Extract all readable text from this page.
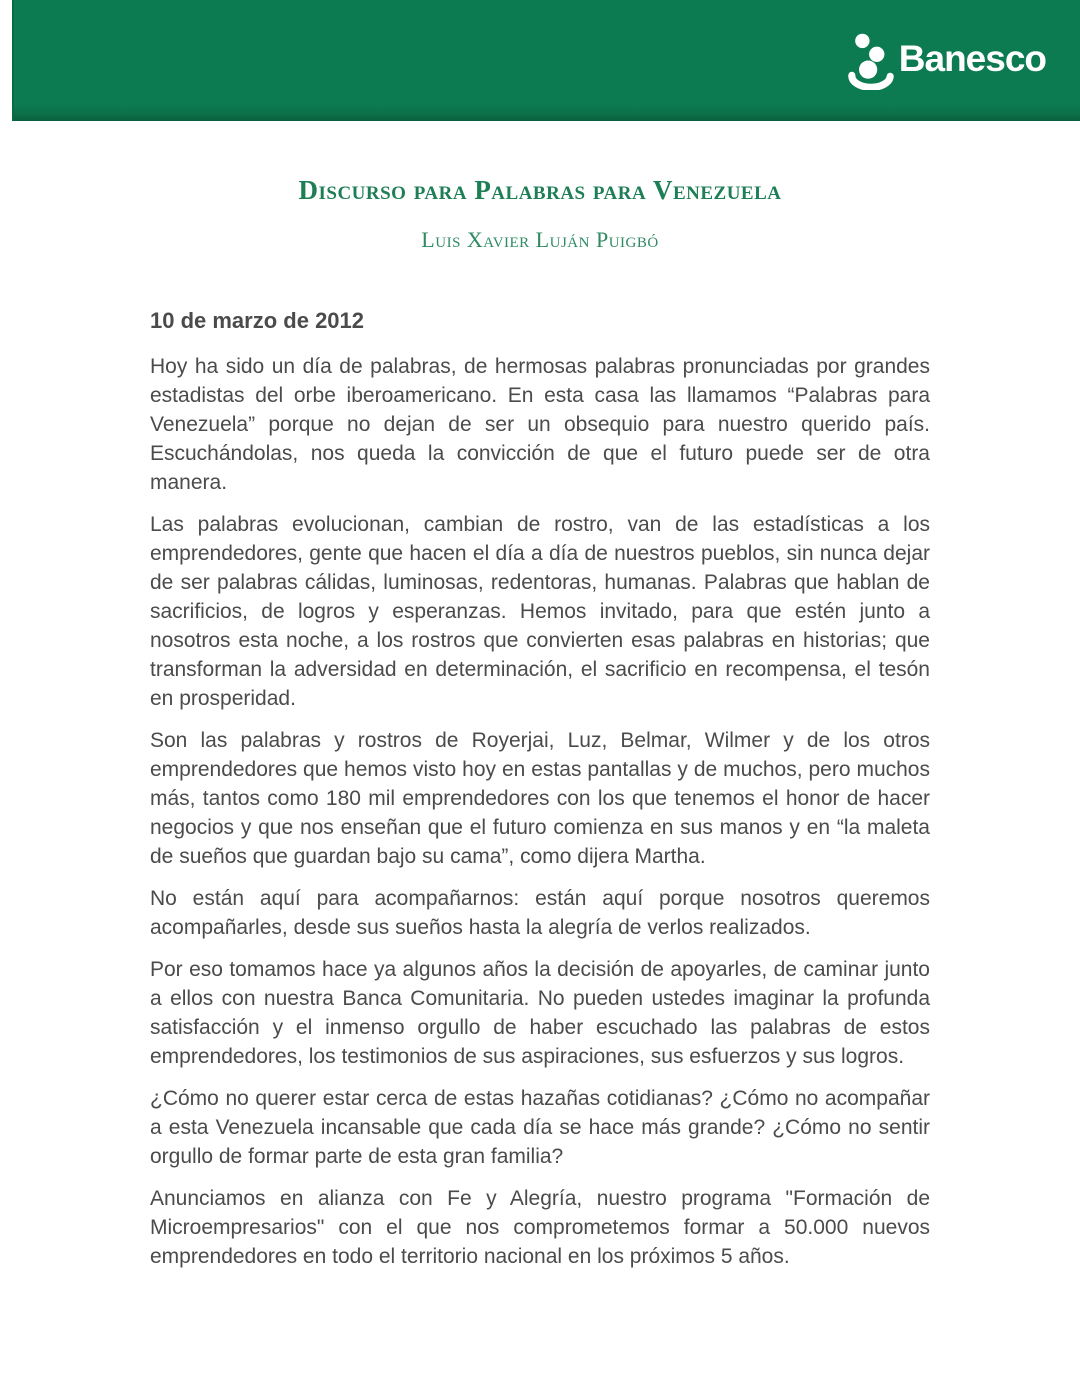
Banesco
Discurso para Palabras para Venezuela
Luis Xavier Luján Puigbó
10 de marzo de 2012

Hoy ha sido un día de palabras, de hermosas palabras pronunciadas por grandes estadistas del orbe iberoamericano. En esta casa las llamamos “Palabras para Venezuela” porque no dejan de ser un obsequio para nuestro querido país. Escuchándolas, nos queda la convicción de que el futuro puede ser de otra manera.

Las palabras evolucionan, cambian de rostro, van de las estadísticas a los emprendedores, gente que hacen el día a día de nuestros pueblos, sin nunca dejar de ser palabras cálidas, luminosas, redentoras, humanas. Palabras que hablan de sacrificios, de logros y esperanzas. Hemos invitado, para que estén junto a nosotros esta noche, a los rostros que convierten esas palabras en historias; que transforman la adversidad en determinación, el sacrificio en recompensa, el tesón en prosperidad.

Son las palabras y rostros de Royerjai, Luz, Belmar, Wilmer y de los otros emprendedores que hemos visto hoy en estas pantallas y de muchos, pero muchos más, tantos como 180 mil emprendedores con los que tenemos el honor de hacer negocios y que nos enseñan que el futuro comienza en sus manos y en “la maleta de sueños que guardan bajo su cama”, como dijera Martha.

No están aquí para acompañarnos: están aquí porque nosotros queremos acompañarles, desde sus sueños hasta la alegría de verlos realizados.

Por eso tomamos hace ya algunos años la decisión de apoyarles, de caminar junto a ellos con nuestra Banca Comunitaria. No pueden ustedes imaginar la profunda satisfacción y el inmenso orgullo de haber escuchado las palabras de estos emprendedores, los testimonios de sus aspiraciones, sus esfuerzos y sus logros.

¿Cómo no querer estar cerca de estas hazañas cotidianas? ¿Cómo no acompañar a esta Venezuela incansable que cada día se hace más grande? ¿Cómo no sentir orgullo de formar parte de esta gran familia?

Anunciamos en alianza con Fe y Alegría, nuestro programa "Formación de Microempresarios" con el que nos comprometemos formar a 50.000 nuevos emprendedores en todo el territorio nacional en los próximos 5 años.
